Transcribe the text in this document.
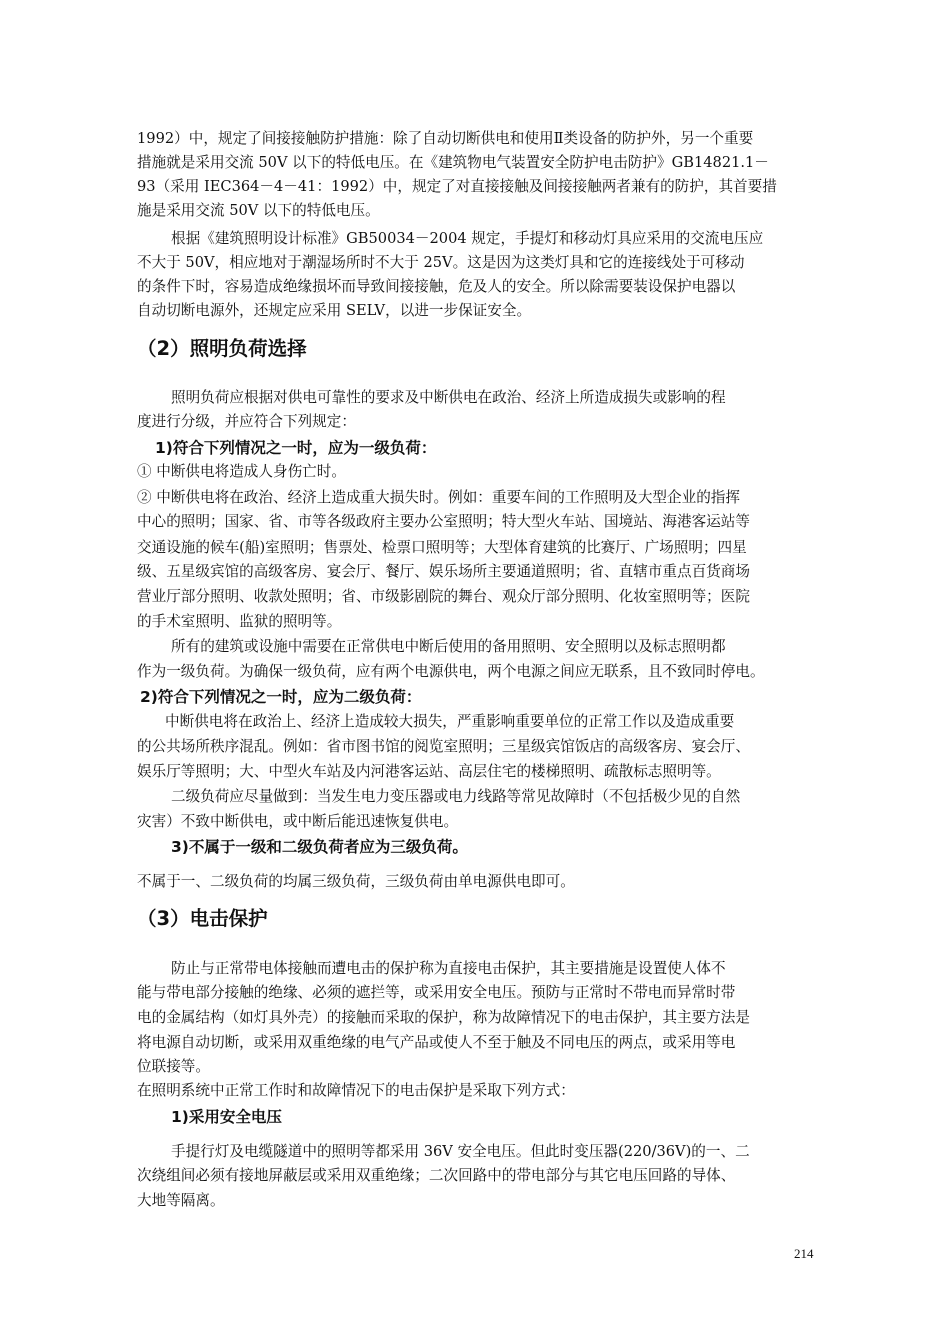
1992）中，规定了间接接触防护措施：除了自动切断供电和使用Ⅱ类设备的防护外，另一个重要
措施就是采用交流 50V 以下的特低电压。在《建筑物电气装置安全防护电击防护》GB14821.1－
93（采用 IEC364－4－41：1992）中，规定了对直接接触及间接接触两者兼有的防护，其首要措
施是采用交流 50V 以下的特低电压。
根据《建筑照明设计标准》GB50034－2004 规定，手提灯和移动灯具应采用的交流电压应
不大于 50V，相应地对于潮湿场所时不大于 25V。这是因为这类灯具和它的连接线处于可移动
的条件下时，容易造成绝缘损坏而导致间接接触，危及人的安全。所以除需要装设保护电器以
自动切断电源外，还规定应采用 SELV，以进一步保证安全。
（2）照明负荷选择
照明负荷应根据对供电可靠性的要求及中断供电在政治、经济上所造成损失或影响的程
度进行分级，并应符合下列规定：
1)符合下列情况之一时，应为一级负荷：
① 中断供电将造成人身伤亡时。
② 中断供电将在政治、经济上造成重大损失时。例如：重要车间的工作照明及大型企业的指挥
中心的照明；国家、省、市等各级政府主要办公室照明；特大型火车站、国境站、海港客运站等
交通设施的候车(船)室照明；售票处、检票口照明等；大型体育建筑的比赛厅、广场照明；四星
级、五星级宾馆的高级客房、宴会厅、餐厅、娱乐场所主要通道照明；省、直辖市重点百货商场
营业厅部分照明、收款处照明；省、市级影剧院的舞台、观众厅部分照明、化妆室照明等；医院
的手术室照明、监狱的照明等。
所有的建筑或设施中需要在正常供电中断后使用的备用照明、安全照明以及标志照明都
作为一级负荷。为确保一级负荷，应有两个电源供电，两个电源之间应无联系，且不致同时停电。
2)符合下列情况之一时，应为二级负荷：
中断供电将在政治上、经济上造成较大损失，严重影响重要单位的正常工作以及造成重要
的公共场所秩序混乱。例如：省市图书馆的阅览室照明；三星级宾馆饭店的高级客房、宴会厅、
娱乐厅等照明；大、中型火车站及内河港客运站、高层住宅的楼梯照明、疏散标志照明等。
二级负荷应尽量做到：当发生电力变压器或电力线路等常见故障时（不包括极少见的自然
灾害）不致中断供电，或中断后能迅速恢复供电。
3)不属于一级和二级负荷者应为三级负荷。
不属于一、二级负荷的均属三级负荷，三级负荷由单电源供电即可。
（3）电击保护
防止与正常带电体接触而遭电击的保护称为直接电击保护，其主要措施是设置使人体不
能与带电部分接触的绝缘、必须的遮拦等，或采用安全电压。预防与正常时不带电而异常时带
电的金属结构（如灯具外壳）的接触而采取的保护，称为故障情况下的电击保护，其主要方法是
将电源自动切断，或采用双重绝缘的电气产品或使人不至于触及不同电压的两点，或采用等电
位联接等。
在照明系统中正常工作时和故障情况下的电击保护是采取下列方式：
1)采用安全电压
手提行灯及电缆隧道中的照明等都采用 36V 安全电压。但此时变压器(220/36V)的一、二
次绕组间必须有接地屏蔽层或采用双重绝缘；二次回路中的带电部分与其它电压回路的导体、
大地等隔离。
214
